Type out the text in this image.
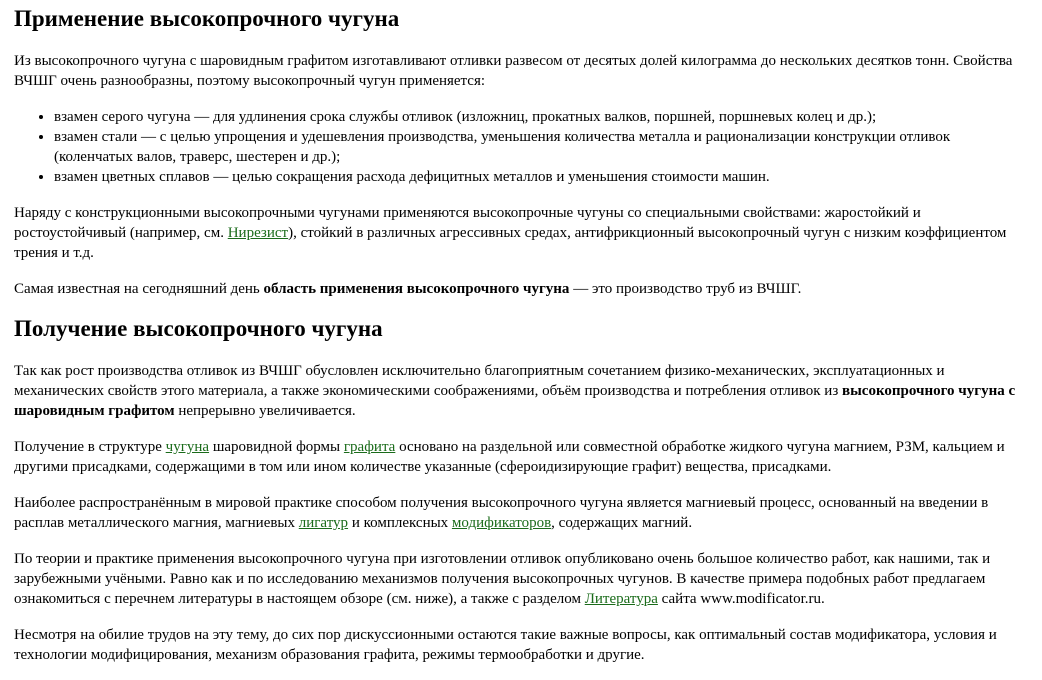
Применение высокопрочного чугуна

Из высокопрочного чугуна с шаровидным графитом изготавливают отливки развесом от десятых долей килограмма до нескольких десятков тонн. Свойства ВЧШГ очень разнообразны, поэтому высокопрочный чугун применяется:

• взамен серого чугуна — для удлинения срока службы отливок (изложниц, прокатных валков, поршней, поршневых колец и др.);
• взамен стали — с целью упрощения и удешевления производства, уменьшения количества металла и рационализации конструкции отливок (коленчатых валов, траверс, шестерен и др.);
• взамен цветных сплавов — целью сокращения расхода дефицитных металлов и уменьшения стоимости машин.

Наряду с конструкционными высокопрочными чугунами применяются высокопрочные чугуны со специальными свойствами: жаростойкий и ростоустойчивый (например, см. Нирезист), стойкий в различных агрессивных средах, антифрикционный высокопрочный чугун с низким коэффициентом трения и т.д.

Самая известная на сегодняшний день область применения высокопрочного чугуна — это производство труб из ВЧШГ.

Получение высокопрочного чугуна

Так как рост производства отливок из ВЧШГ обусловлен исключительно благоприятным сочетанием физико-механических, эксплуатационных и механических свойств этого материала, а также экономическими соображениями, объём производства и потребления отливок из высокопрочного чугуна с шаровидным графитом непрерывно увеличивается.

Получение в структуре чугуна шаровидной формы графита основано на раздельной или совместной обработке жидкого чугуна магнием, РЗМ, кальцием и другими присадками, содержащими в том или ином количестве указанные (сфероидизирующие графит) вещества, присадками.

Наиболее распространённым в мировой практике способом получения высокопрочного чугуна является магниевый процесс, основанный на введении в расплав металлического магния, магниевых лигатур и комплексных модификаторов, содержащих магний.

По теории и практике применения высокопрочного чугуна при изготовлении отливок опубликовано очень большое количество работ, как нашими, так и зарубежными учёными. Равно как и по исследованию механизмов получения высокопрочных чугунов. В качестве примера подобных работ предлагаем ознакомиться с перечнем литературы в настоящем обзоре (см. ниже), а также с разделом Литература сайта www.modificator.ru.

Несмотря на обилие трудов на эту тему, до сих пор дискуссионными остаются такие важные вопросы, как оптимальный состав модификатора, условия и технологии модифицирования, механизм образования графита, режимы термообработки и другие.
